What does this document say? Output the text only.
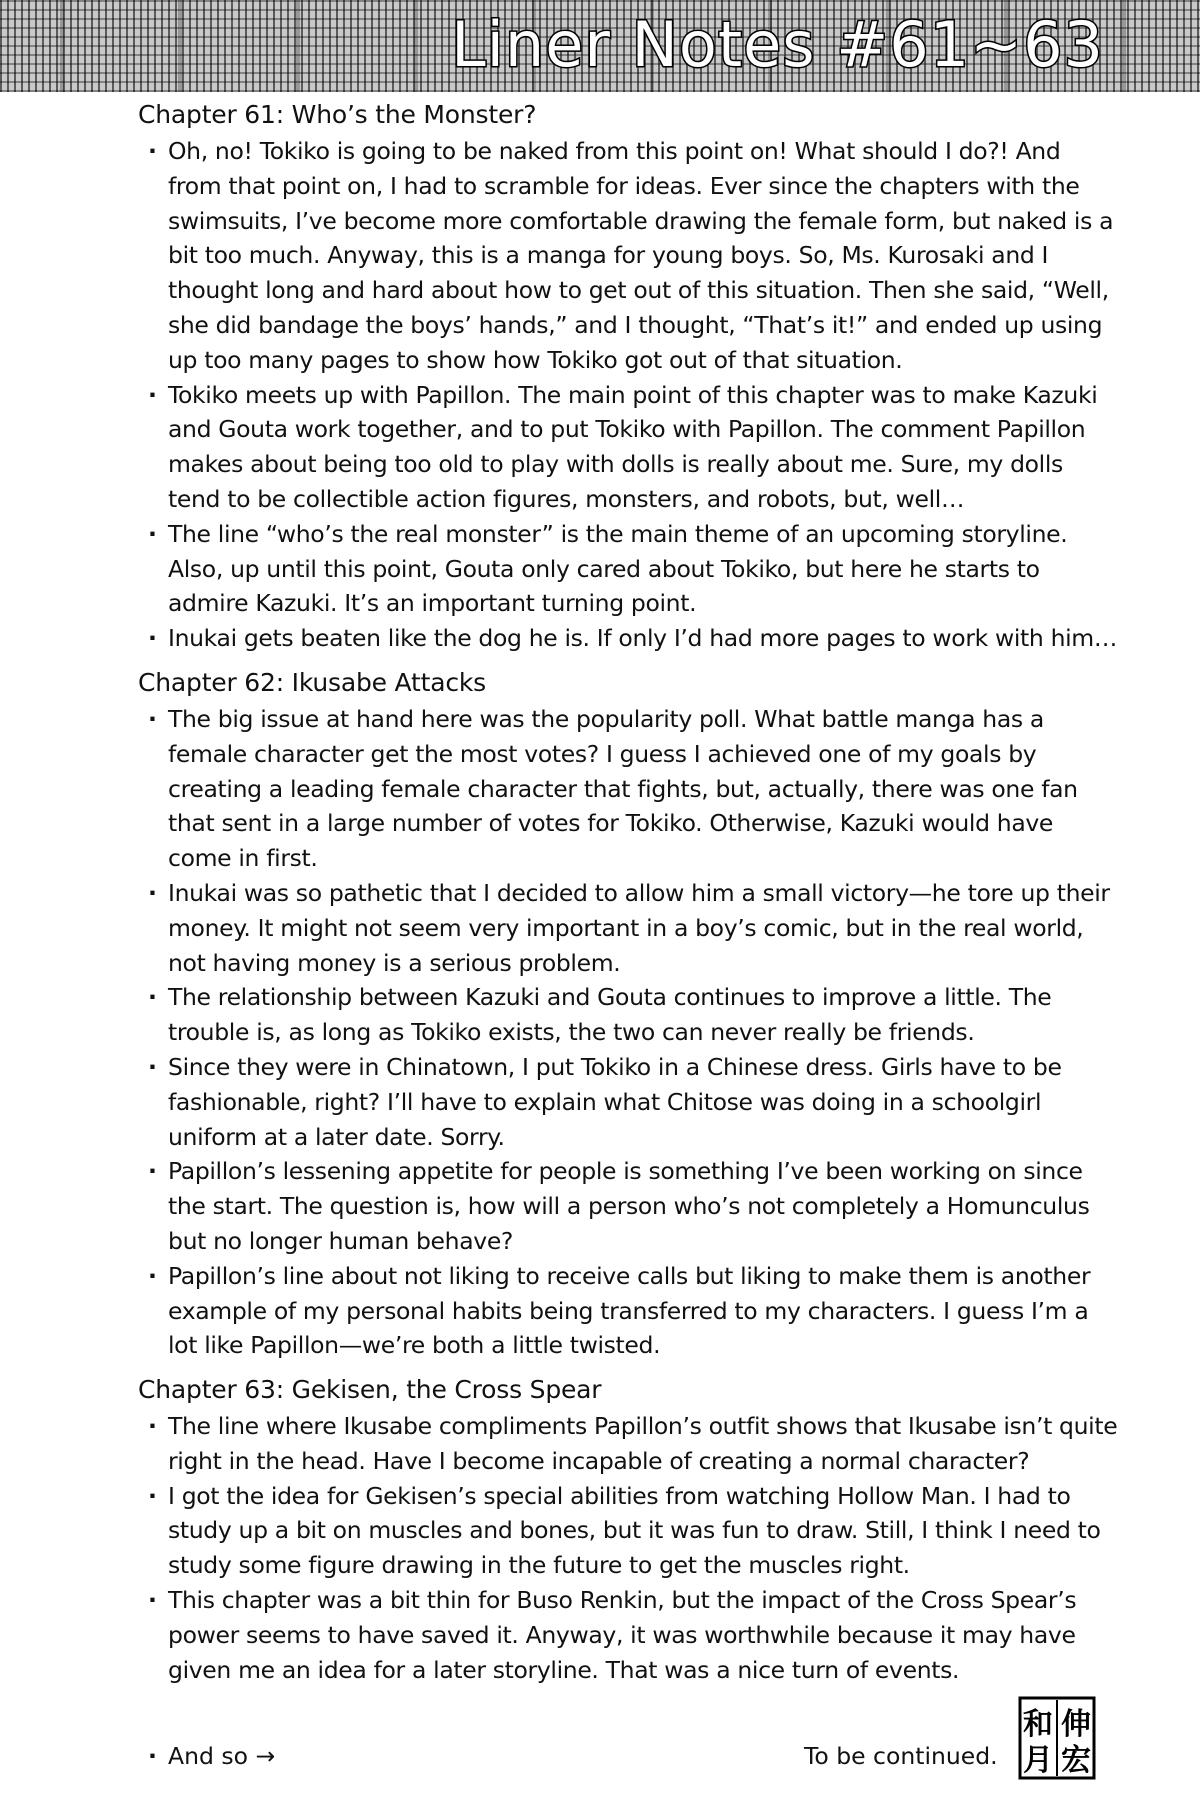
Liner Notes #61~63
Chapter 61: Who’s the Monster?
· Oh, no! Tokiko is going to be naked from this point on! What should I do?! And from that point on, I had to scramble for ideas. Ever since the chapters with the swimsuits, I’ve become more comfortable drawing the female form, but naked is a bit too much. Anyway, this is a manga for young boys. So, Ms. Kurosaki and I thought long and hard about how to get out of this situation. Then she said, “Well, she did bandage the boys’ hands,” and I thought, “That’s it!” and ended up using up too many pages to show how Tokiko got out of that situation.
· Tokiko meets up with Papillon. The main point of this chapter was to make Kazuki and Gouta work together, and to put Tokiko with Papillon. The comment Papillon makes about being too old to play with dolls is really about me. Sure, my dolls tend to be collectible action figures, monsters, and robots, but, well…
· The line “who’s the real monster” is the main theme of an upcoming storyline. Also, up until this point, Gouta only cared about Tokiko, but here he starts to admire Kazuki. It’s an important turning point.
· Inukai gets beaten like the dog he is. If only I’d had more pages to work with him…
Chapter 62: Ikusabe Attacks
· The big issue at hand here was the popularity poll. What battle manga has a female character get the most votes? I guess I achieved one of my goals by creating a leading female character that fights, but, actually, there was one fan that sent in a large number of votes for Tokiko. Otherwise, Kazuki would have come in first.
· Inukai was so pathetic that I decided to allow him a small victory—he tore up their money. It might not seem very important in a boy’s comic, but in the real world, not having money is a serious problem.
· The relationship between Kazuki and Gouta continues to improve a little. The trouble is, as long as Tokiko exists, the two can never really be friends.
· Since they were in Chinatown, I put Tokiko in a Chinese dress. Girls have to be fashionable, right? I’ll have to explain what Chitose was doing in a schoolgirl uniform at a later date. Sorry.
· Papillon’s lessening appetite for people is something I’ve been working on since the start. The question is, how will a person who’s not completely a Homunculus but no longer human behave?
· Papillon’s line about not liking to receive calls but liking to make them is another example of my personal habits being transferred to my characters. I guess I’m a lot like Papillon—we’re both a little twisted.
Chapter 63: Gekisen, the Cross Spear
· The line where Ikusabe compliments Papillon’s outfit shows that Ikusabe isn’t quite right in the head. Have I become incapable of creating a normal character?
· I got the idea for Gekisen’s special abilities from watching Hollow Man. I had to study up a bit on muscles and bones, but it was fun to draw. Still, I think I need to study some figure drawing in the future to get the muscles right.
· This chapter was a bit thin for Buso Renkin, but the impact of the Cross Spear’s power seems to have saved it. Anyway, it was worthwhile because it may have given me an idea for a later storyline. That was a nice turn of events.
· And so →	To be continued.
伸
宏
和
月
